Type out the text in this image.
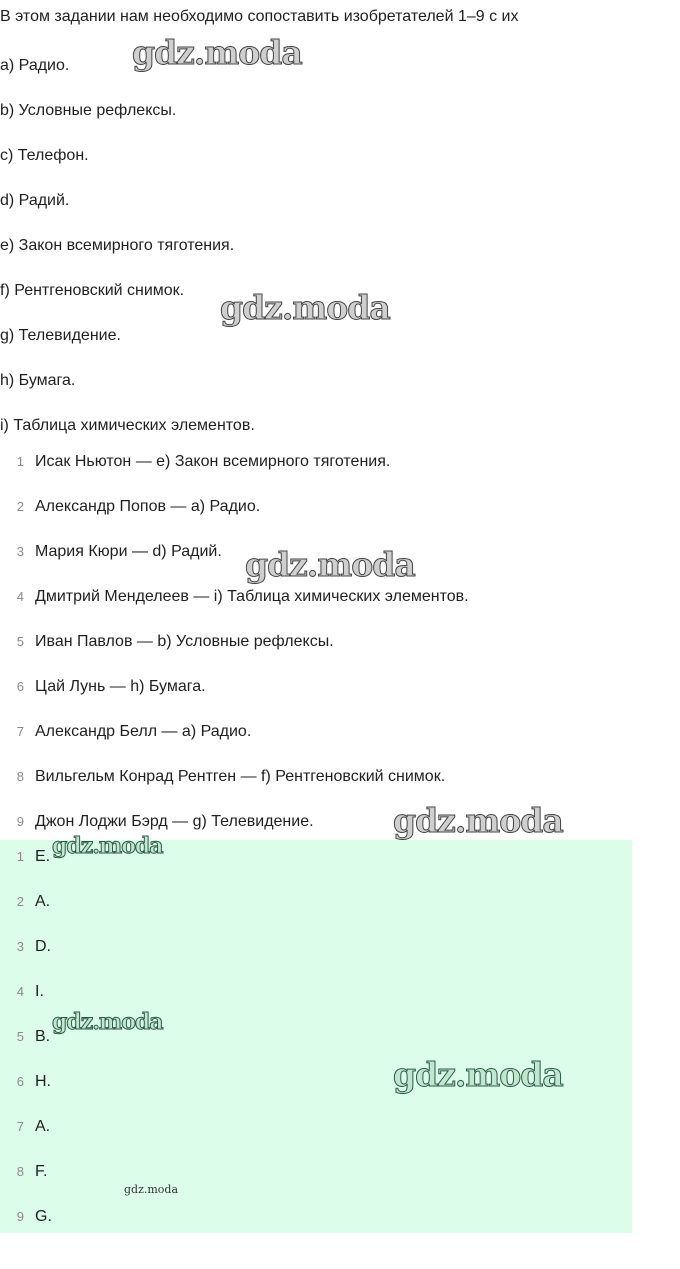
В этом задании нам необходимо сопоставить изобретателей 1–9 с их
a) Радио.
b) Условные рефлексы.
c) Телефон.
d) Радий.
e) Закон всемирного тяготения.
f) Рентгеновский снимок.
g) Телевидение.
h) Бумага.
i) Таблица химических элементов.
1 Исак Ньютон — e) Закон всемирного тяготения.
2 Александр Попов — a) Радио.
3 Мария Кюри — d) Радий.
4 Дмитрий Менделеев — i) Таблица химических элементов.
5 Иван Павлов — b) Условные рефлексы.
6 Цай Лунь — h) Бумага.
7 Александр Белл — a) Радио.
8 Вильгельм Конрад Рентген — f) Рентгеновский снимок.
9 Джон Лоджи Бэрд — g) Телевидение.
1 E.
2 A.
3 D.
4 I.
5 B.
6 H.
7 A.
8 F.
9 G.
gdz.moda
gdz.moda
gdz.moda
gdz.moda
gdz.moda
gdz.moda
gdz.moda
gdz.moda
